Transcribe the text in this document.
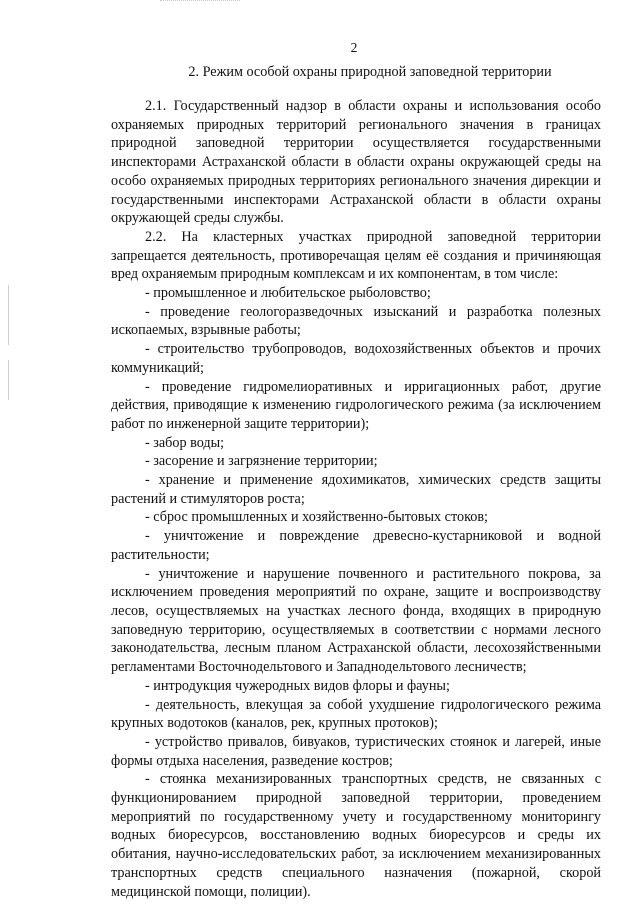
2
2. Режим особой охраны природной заповедной территории

2.1. Государственный надзор в области охраны и использования особо охраняемых природных территорий регионального значения в границах природной заповедной территории осуществляется государственными инспекторами Астраханской области в области охраны окружающей среды на особо охраняемых природных территориях регионального значения дирекции и государственными инспекторами Астраханской области в области охраны окружающей среды службы.

2.2. На кластерных участках природной заповедной территории запрещается деятельность, противоречащая целям её создания и причиняющая вред охраняемым природным комплексам и их компонентам, в том числе:

- промышленное и любительское рыболовство;

- проведение геологоразведочных изысканий и разработка полезных ископаемых, взрывные работы;

- строительство трубопроводов, водохозяйственных объектов и прочих коммуникаций;

- проведение гидромелиоративных и ирригационных работ, другие действия, приводящие к изменению гидрологического режима (за исключением работ по инженерной защите территории);

- забор воды;

- засорение и загрязнение территории;

- хранение и применение ядохимикатов, химических средств защиты растений и стимуляторов роста;

- сброс промышленных и хозяйственно-бытовых стоков;

- уничтожение и повреждение древесно-кустарниковой и водной растительности;

- уничтожение и нарушение почвенного и растительного покрова, за исключением проведения мероприятий по охране, защите и воспроизводству лесов, осуществляемых на участках лесного фонда, входящих в природную заповедную территорию, осуществляемых в соответствии с нормами лесного законодательства, лесным планом Астраханской области, лесохозяйственными регламентами Восточнодельтового и Западнодельтового лесничеств;

- интродукция чужеродных видов флоры и фауны;

- деятельность, влекущая за собой ухудшение гидрологического режима крупных водотоков (каналов, рек, крупных протоков);

- устройство привалов, бивуаков, туристических стоянок и лагерей, иные формы отдыха населения, разведение костров;

- стоянка механизированных транспортных средств, не связанных с функционированием природной заповедной территории, проведением мероприятий по государственному учету и государственному мониторингу водных биоресурсов, восстановлению водных биоресурсов и среды их обитания, научно-исследовательских работ, за исключением механизированных транспортных средств специального назначения (пожарной, скорой медицинской помощи, полиции).
